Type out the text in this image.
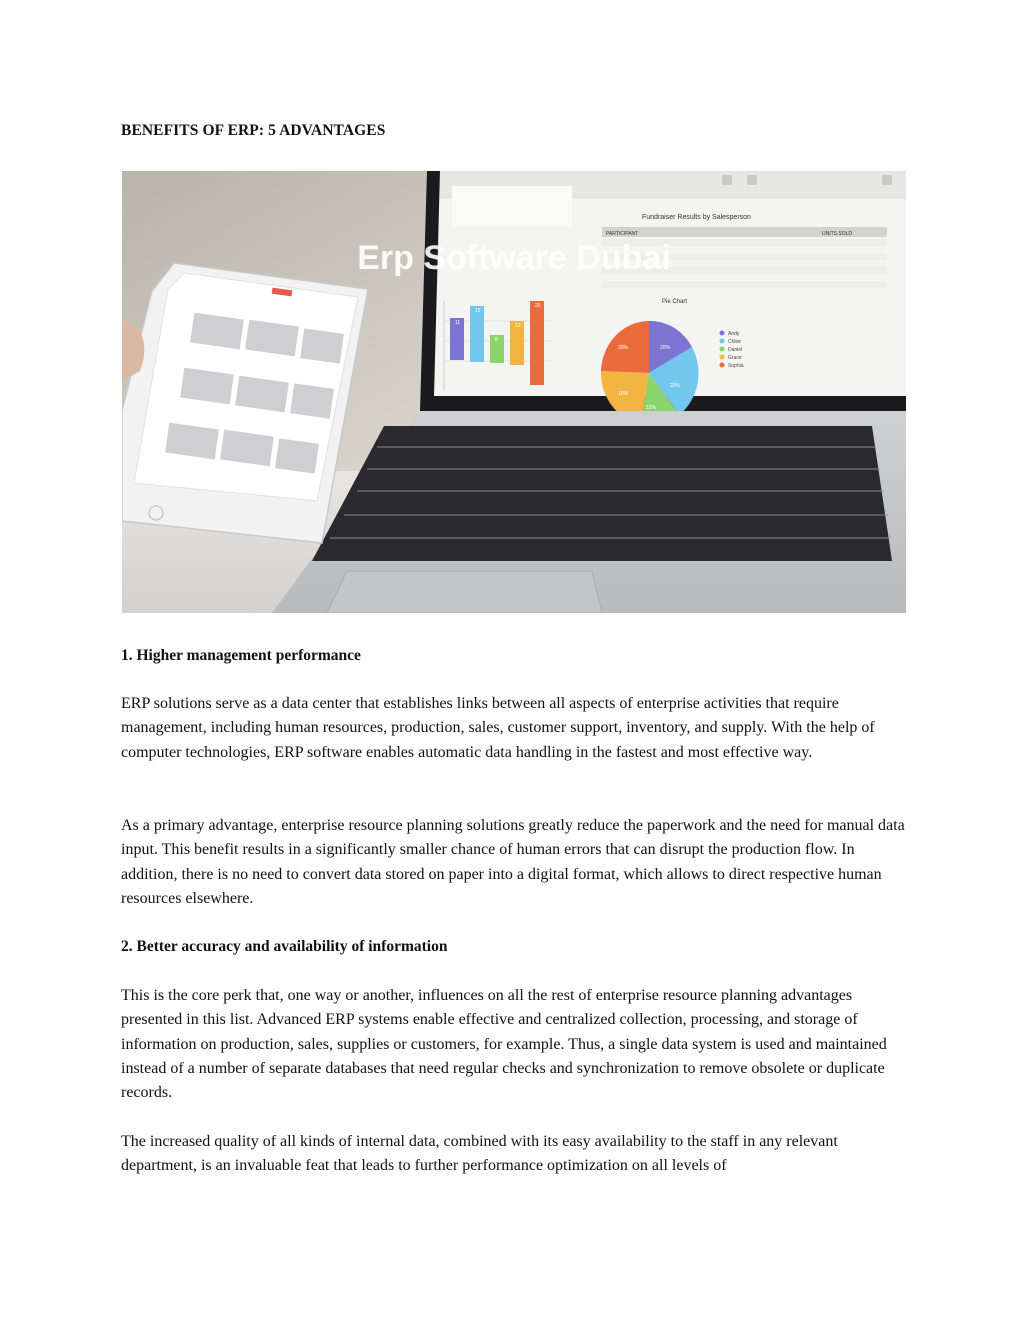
BENEFITS OF ERP: 5 ADVANTAGES
Fundraiser Results by Salesperson
PARTICIPANT	UNITS SOLD
11
15
8
13
25
Pie Chart
30%	20%
20%
10%
10%
Andy
Chloe
Daniel
Grace
Sophia
Erp Software Dubai
1. Higher management performance

ERP solutions serve as a data center that establishes links between all aspects of enterprise activities that require management, including human resources, production, sales, customer support, inventory, and supply. With the help of computer technologies, ERP software enables automatic data handling in the fastest and most effective way.

As a primary advantage, enterprise resource planning solutions greatly reduce the paperwork and the need for manual data input. This benefit results in a significantly smaller chance of human errors that can disrupt the production flow. In addition, there is no need to convert data stored on paper into a digital format, which allows to direct respective human resources elsewhere.

2. Better accuracy and availability of information

This is the core perk that, one way or another, influences on all the rest of enterprise resource planning advantages presented in this list. Advanced ERP systems enable effective and centralized collection, processing, and storage of information on production, sales, supplies or customers, for example. Thus, a single data system is used and maintained instead of a number of separate databases that need regular checks and synchronization to remove obsolete or duplicate records.

The increased quality of all kinds of internal data, combined with its easy availability to the staff in any relevant department, is an invaluable feat that leads to further performance optimization on all levels of
